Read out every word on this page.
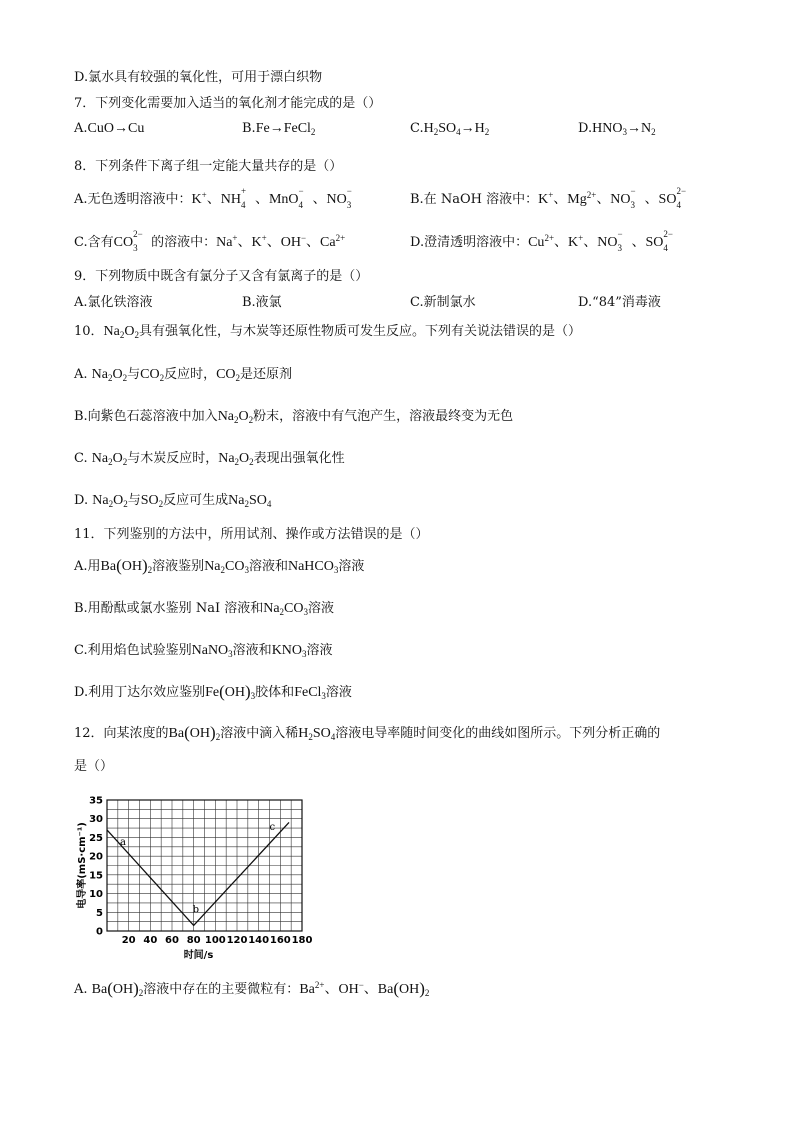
D.氯水具有较强的氧化性，可用于漂白织物
7．下列变化需要加入适当的氧化剂才能完成的是（）
A.CuO→Cu	B.Fe→FeCl$_2$	$C.H_2SO_4\to H_2$	$D.HNO_3\to N_2$
8．下列条件下离子组一定能大量共存的是（）
A.无色透明溶液中：K+、NH
+
4 、MnO
−
4 、NO
−
3	B.在 NaOH 溶液中：K+、$Mg^{2+}$、NO
−
3 、SO
2−
4
C.含有CO
2−
3 的溶液中：Na+、K+、OH−、$Ca^{2+}$	D.澄清透明溶液中：$Cu^{2+}$、K+、NO
−
3 、SO
2−
4
9．下列物质中既含有氯分子又含有氯离子的是（）
A.氯化铁溶液	B.液氯	C.新制氯水	D.“84”消毒液
10．$Na_2O_2$具有强氧化性，与木炭等还原性物质可发生反应。下列有关说法错误的是（）
A. $Na_2O_2$与$CO_2$反应时，$CO_2$是还原剂
B.向紫色石蕊溶液中加入$Na_2O_2$粉末，溶液中有气泡产生，溶液最终变为无色
C. $Na_2O_2$与木炭反应时，$Na_2O_2$表现出强氧化性
D. $Na_2O_2$与$SO_2$反应可生成$Na_2SO_4$
11．下列鉴别的方法中，所用试剂、操作或方法错误的是（）
A.用$Ba(OH)_2$溶液鉴别$Na_2CO_3$溶液和NaHCO$_3$溶液
B.用酚酞或氯水鉴别 NaI 溶液和$Na_2CO_3$溶液
C.利用焰色试验鉴别NaNO$_3$溶液和$KNO_3$溶液
D.利用丁达尔效应鉴别$Fe(OH)_3$胶体和FeCl$_3$溶液
12．向某浓度的$Ba(OH)_2$溶液中滴入稀$H_2SO_4$溶液电导率随时间变化的曲线如图所示。下列分析正确的
是（）
20 40 60 80 100 120 140 160 180
0
5
10
15
20
25
30
35
a
b
c
电导率(mS·cm⁻¹)
时间/s
A. $Ba(OH)_2$溶液中存在的主要微粒有：$Ba^{2+}$、OH−、$Ba(OH)_2$
